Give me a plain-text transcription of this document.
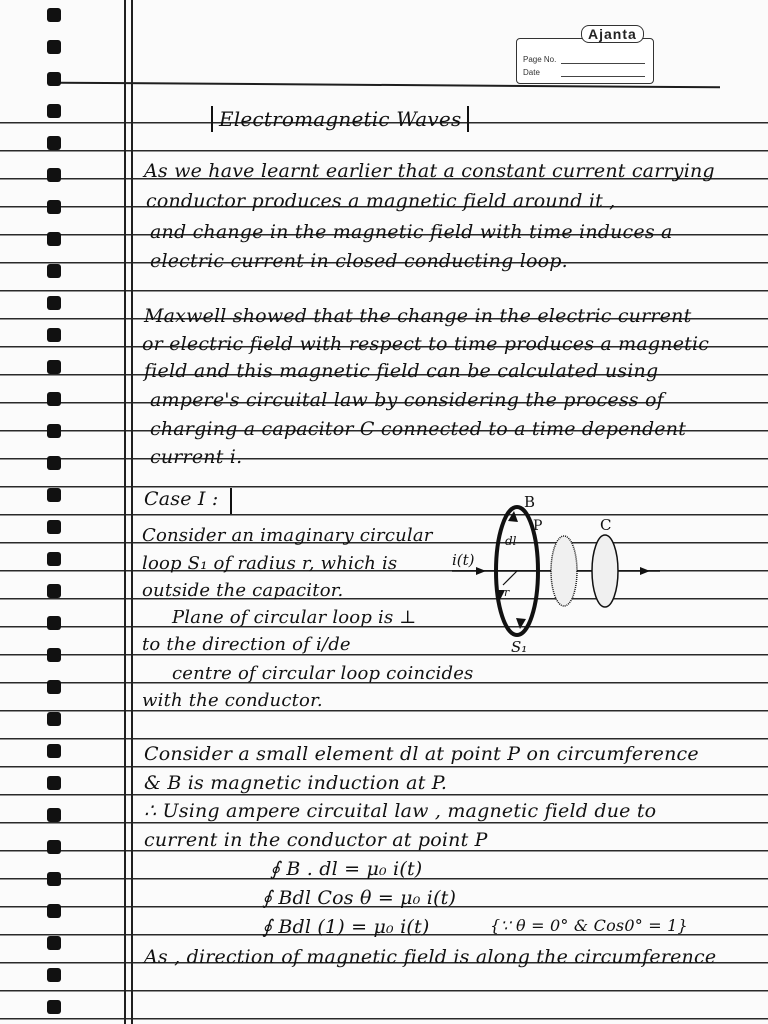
Ajanta
Page No.
Date
Electromagnetic Waves
As we have learnt earlier that a constant current carrying
conductor produces a magnetic field around it ,
and change in the magnetic field with time induces a
electric current in closed conducting loop.
Maxwell showed that the change in the electric current
or electric field with respect to time produces a magnetic
field and this magnetic field can be calculated using
ampere's circuital law by considering the process of
charging a capacitor C connected to a time dependent
current i.
Case I :
Consider an imaginary circular
loop S₁ of radius r, which is
outside the capacitor.
Plane of circular loop is ⊥
to the direction of i/de
centre of circular loop coincides
with the conductor.
B
P	C
dl
i(t)
r
S₁
Consider a small element dl at point P on circumference
& B is magnetic induction at P.
∴ Using ampere circuital law , magnetic field due to
current in the conductor at point P
∮ B . dl = μ₀ i(t)
∮ Bdl Cos θ = μ₀ i(t)
∮ Bdl (1) = μ₀ i(t)	{∵ θ = 0° & Cos0° = 1}
As , direction of magnetic field is along the circumference
